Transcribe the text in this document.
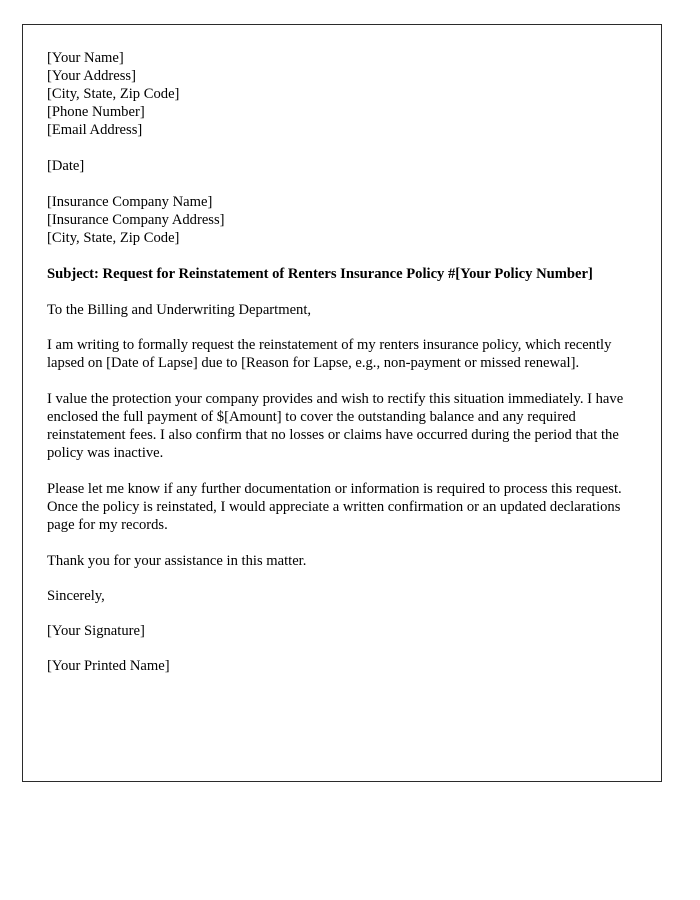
[Your Name]
[Your Address]
[City, State, Zip Code]
[Phone Number]
[Email Address]
[Date]
[Insurance Company Name]
[Insurance Company Address]
[City, State, Zip Code]
Subject: Request for Reinstatement of Renters Insurance Policy #[Your Policy Number]
To the Billing and Underwriting Department,
I am writing to formally request the reinstatement of my renters insurance policy, which recently lapsed on [Date of Lapse] due to [Reason for Lapse, e.g., non-payment or missed renewal].
I value the protection your company provides and wish to rectify this situation immediately. I have enclosed the full payment of $[Amount] to cover the outstanding balance and any required reinstatement fees. I also confirm that no losses or claims have occurred during the period that the policy was inactive.
Please let me know if any further documentation or information is required to process this request. Once the policy is reinstated, I would appreciate a written confirmation or an updated declarations page for my records.
Thank you for your assistance in this matter.
Sincerely,
[Your Signature]
[Your Printed Name]
